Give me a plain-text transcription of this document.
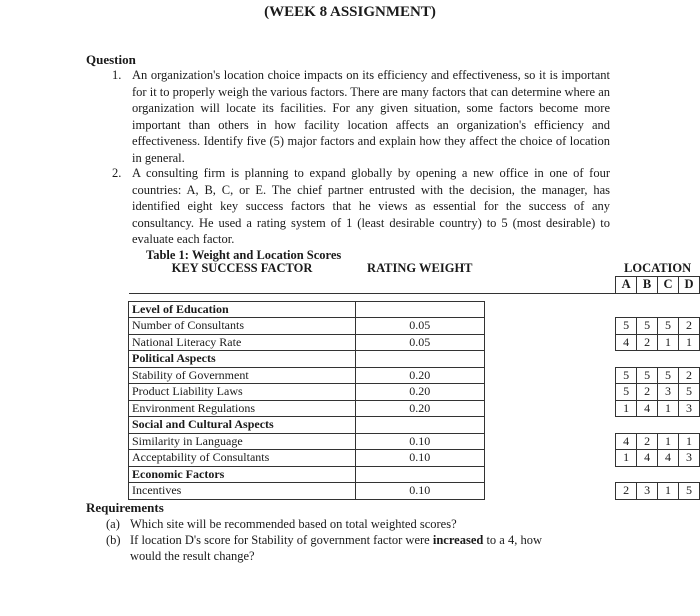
(WEEK 8 ASSIGNMENT)
Question
1. An organization's location choice impacts on its efficiency and effectiveness, so it is important for it to properly weigh the various factors. There are many factors that can determine where an organization will locate its facilities. For any given situation, some factors become more important than others in how facility location affects an organization's efficiency and effectiveness. Identify five (5) major factors and explain how they affect the choice of location in general.
2. A consulting firm is planning to expand globally by opening a new office in one of four countries: A, B, C, or E. The chief partner entrusted with the decision, the manager, has identified eight key success factors that he views as essential for the success of any consultancy. He used a rating system of 1 (least desirable country) to 5 (most desirable) to evaluate each factor.
Table 1: Weight and Location Scores
KEY SUCCESS FACTOR	RATING WEIGHT		LOCATION			
			A	B	C	D

Level of Education						
Number of Consultants	0.05		5	5	5	2
National Literacy Rate	0.05		4	2	1	1
Political Aspects						
Stability of Government	0.20		5	5	5	2
Product Liability Laws	0.20		5	2	3	5
Environment Regulations	0.20		1	4	1	3
Social and Cultural Aspects						
Similarity in Language	0.10		4	2	1	1
Acceptability of Consultants	0.10		1	4	4	3
Economic Factors						
Incentives	0.10		2	3	1	5
Requirements
(a) Which site will be recommended based on total weighted scores?
(b) If location D's score for Stability of government factor were increased to a 4, how
would the result change?
